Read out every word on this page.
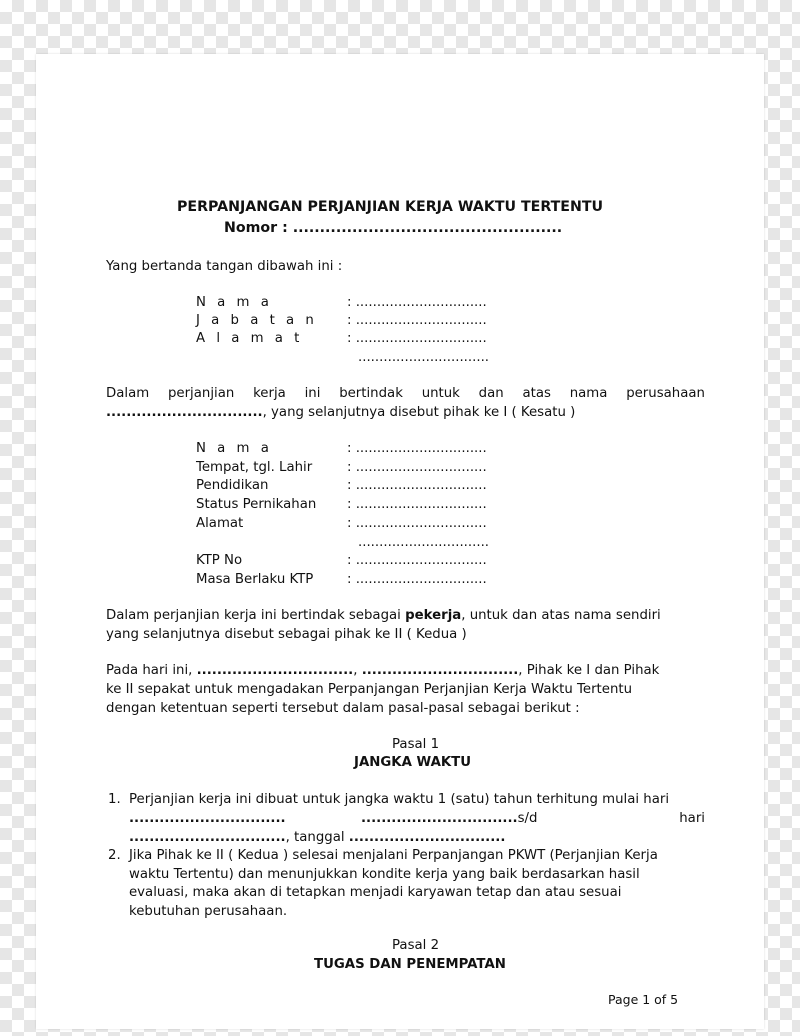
PERPANJANGAN PERJANJIAN KERJA WAKTU TERTENTU
Nomor : ..................................................
Yang bertanda tangan dibawah ini :
N a m a	: ...............................
J a b a t a n : ...............................
A l a m a t	: ...............................
...............................
Dalam perjanjian kerja ini bertindak untuk dan atas nama perusahaan
..............................., yang selanjutnya disebut pihak ke I ( Kesatu )
N a m a	: ...............................
Tempat, tgl. Lahir	: ...............................
Pendidikan	: ...............................
Status Pernikahan : ...............................
Alamat	: ...............................
...............................
KTP No	: ...............................
Masa Berlaku KTP	: ...............................
Dalam perjanjian kerja ini bertindak sebagai pekerja, untuk dan atas nama sendiri
yang selanjutnya disebut sebagai pihak ke II ( Kedua )
Pada hari ini, ..............................., ..............................., Pihak ke I dan Pihak
ke II sepakat untuk mengadakan Perpanjangan Perjanjian Kerja Waktu Tertentu
dengan ketentuan seperti tersebut dalam pasal-pasal sebagai berikut :
Pasal 1
JANGKA WAKTU
1. Perjanjian kerja ini dibuat untuk jangka waktu 1 (satu) tahun terhitung mulai hari
...............................	...............................s/d	hari
..............................., tanggal ...............................
2. Jika Pihak ke II ( Kedua ) selesai menjalani Perpanjangan PKWT (Perjanjian Kerja
waktu Tertentu) dan menunjukkan kondite kerja yang baik berdasarkan hasil
evaluasi, maka akan di tetapkan menjadi karyawan tetap dan atau sesuai
kebutuhan perusahaan.
Pasal 2
TUGAS DAN PENEMPATAN
Page 1 of 5
